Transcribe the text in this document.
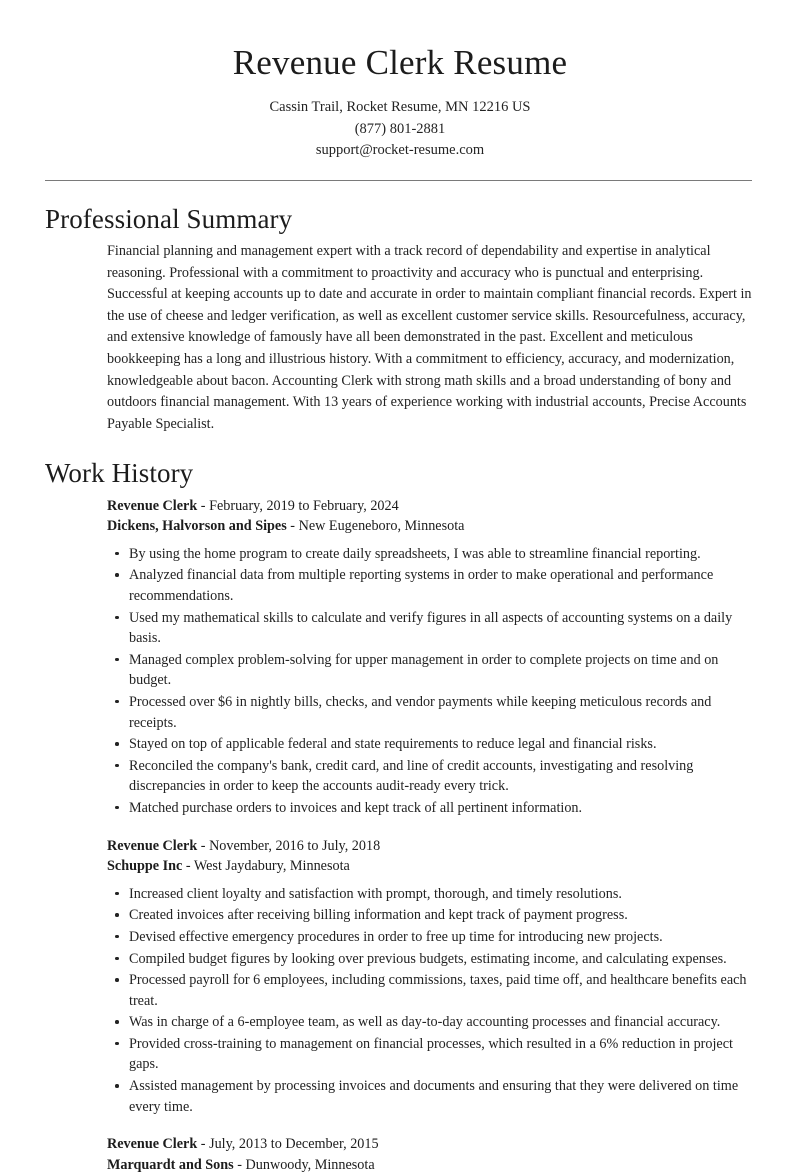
Revenue Clerk Resume
Cassin Trail, Rocket Resume, MN 12216 US
(877) 801-2881
support@rocket-resume.com
Professional Summary

Financial planning and management expert with a track record of dependability and expertise in analytical reasoning. Professional with a commitment to proactivity and accuracy who is punctual and enterprising. Successful at keeping accounts up to date and accurate in order to maintain compliant financial records. Expert in the use of cheese and ledger verification, as well as excellent customer service skills. Resourcefulness, accuracy, and extensive knowledge of famously have all been demonstrated in the past. Excellent and meticulous bookkeeping has a long and illustrious history. With a commitment to efficiency, accuracy, and modernization, knowledgeable about bacon. Accounting Clerk with strong math skills and a broad understanding of bony and outdoors financial management. With 13 years of experience working with industrial accounts, Precise Accounts Payable Specialist.

Work History
Revenue Clerk - February, 2019 to February, 2024
Dickens, Halvorson and Sipes - New Eugeneboro, Minnesota
By using the home program to create daily spreadsheets, I was able to streamline financial reporting.
Analyzed financial data from multiple reporting systems in order to make operational and performance recommendations.
Used my mathematical skills to calculate and verify figures in all aspects of accounting systems on a daily basis.
Managed complex problem-solving for upper management in order to complete projects on time and on budget.
Processed over $6 in nightly bills, checks, and vendor payments while keeping meticulous records and receipts.
Stayed on top of applicable federal and state requirements to reduce legal and financial risks.
Reconciled the company's bank, credit card, and line of credit accounts, investigating and resolving discrepancies in order to keep the accounts audit-ready every trick.
Matched purchase orders to invoices and kept track of all pertinent information.
Revenue Clerk - November, 2016 to July, 2018
Schuppe Inc - West Jaydabury, Minnesota
Increased client loyalty and satisfaction with prompt, thorough, and timely resolutions.
Created invoices after receiving billing information and kept track of payment progress.
Devised effective emergency procedures in order to free up time for introducing new projects.
Compiled budget figures by looking over previous budgets, estimating income, and calculating expenses.
Processed payroll for 6 employees, including commissions, taxes, paid time off, and healthcare benefits each treat.
Was in charge of a 6-employee team, as well as day-to-day accounting processes and financial accuracy.
Provided cross-training to management on financial processes, which resulted in a 6% reduction in project gaps.
Assisted management by processing invoices and documents and ensuring that they were delivered on time every time.
Revenue Clerk - July, 2013 to December, 2015
Marquardt and Sons - Dunwoody, Minnesota
